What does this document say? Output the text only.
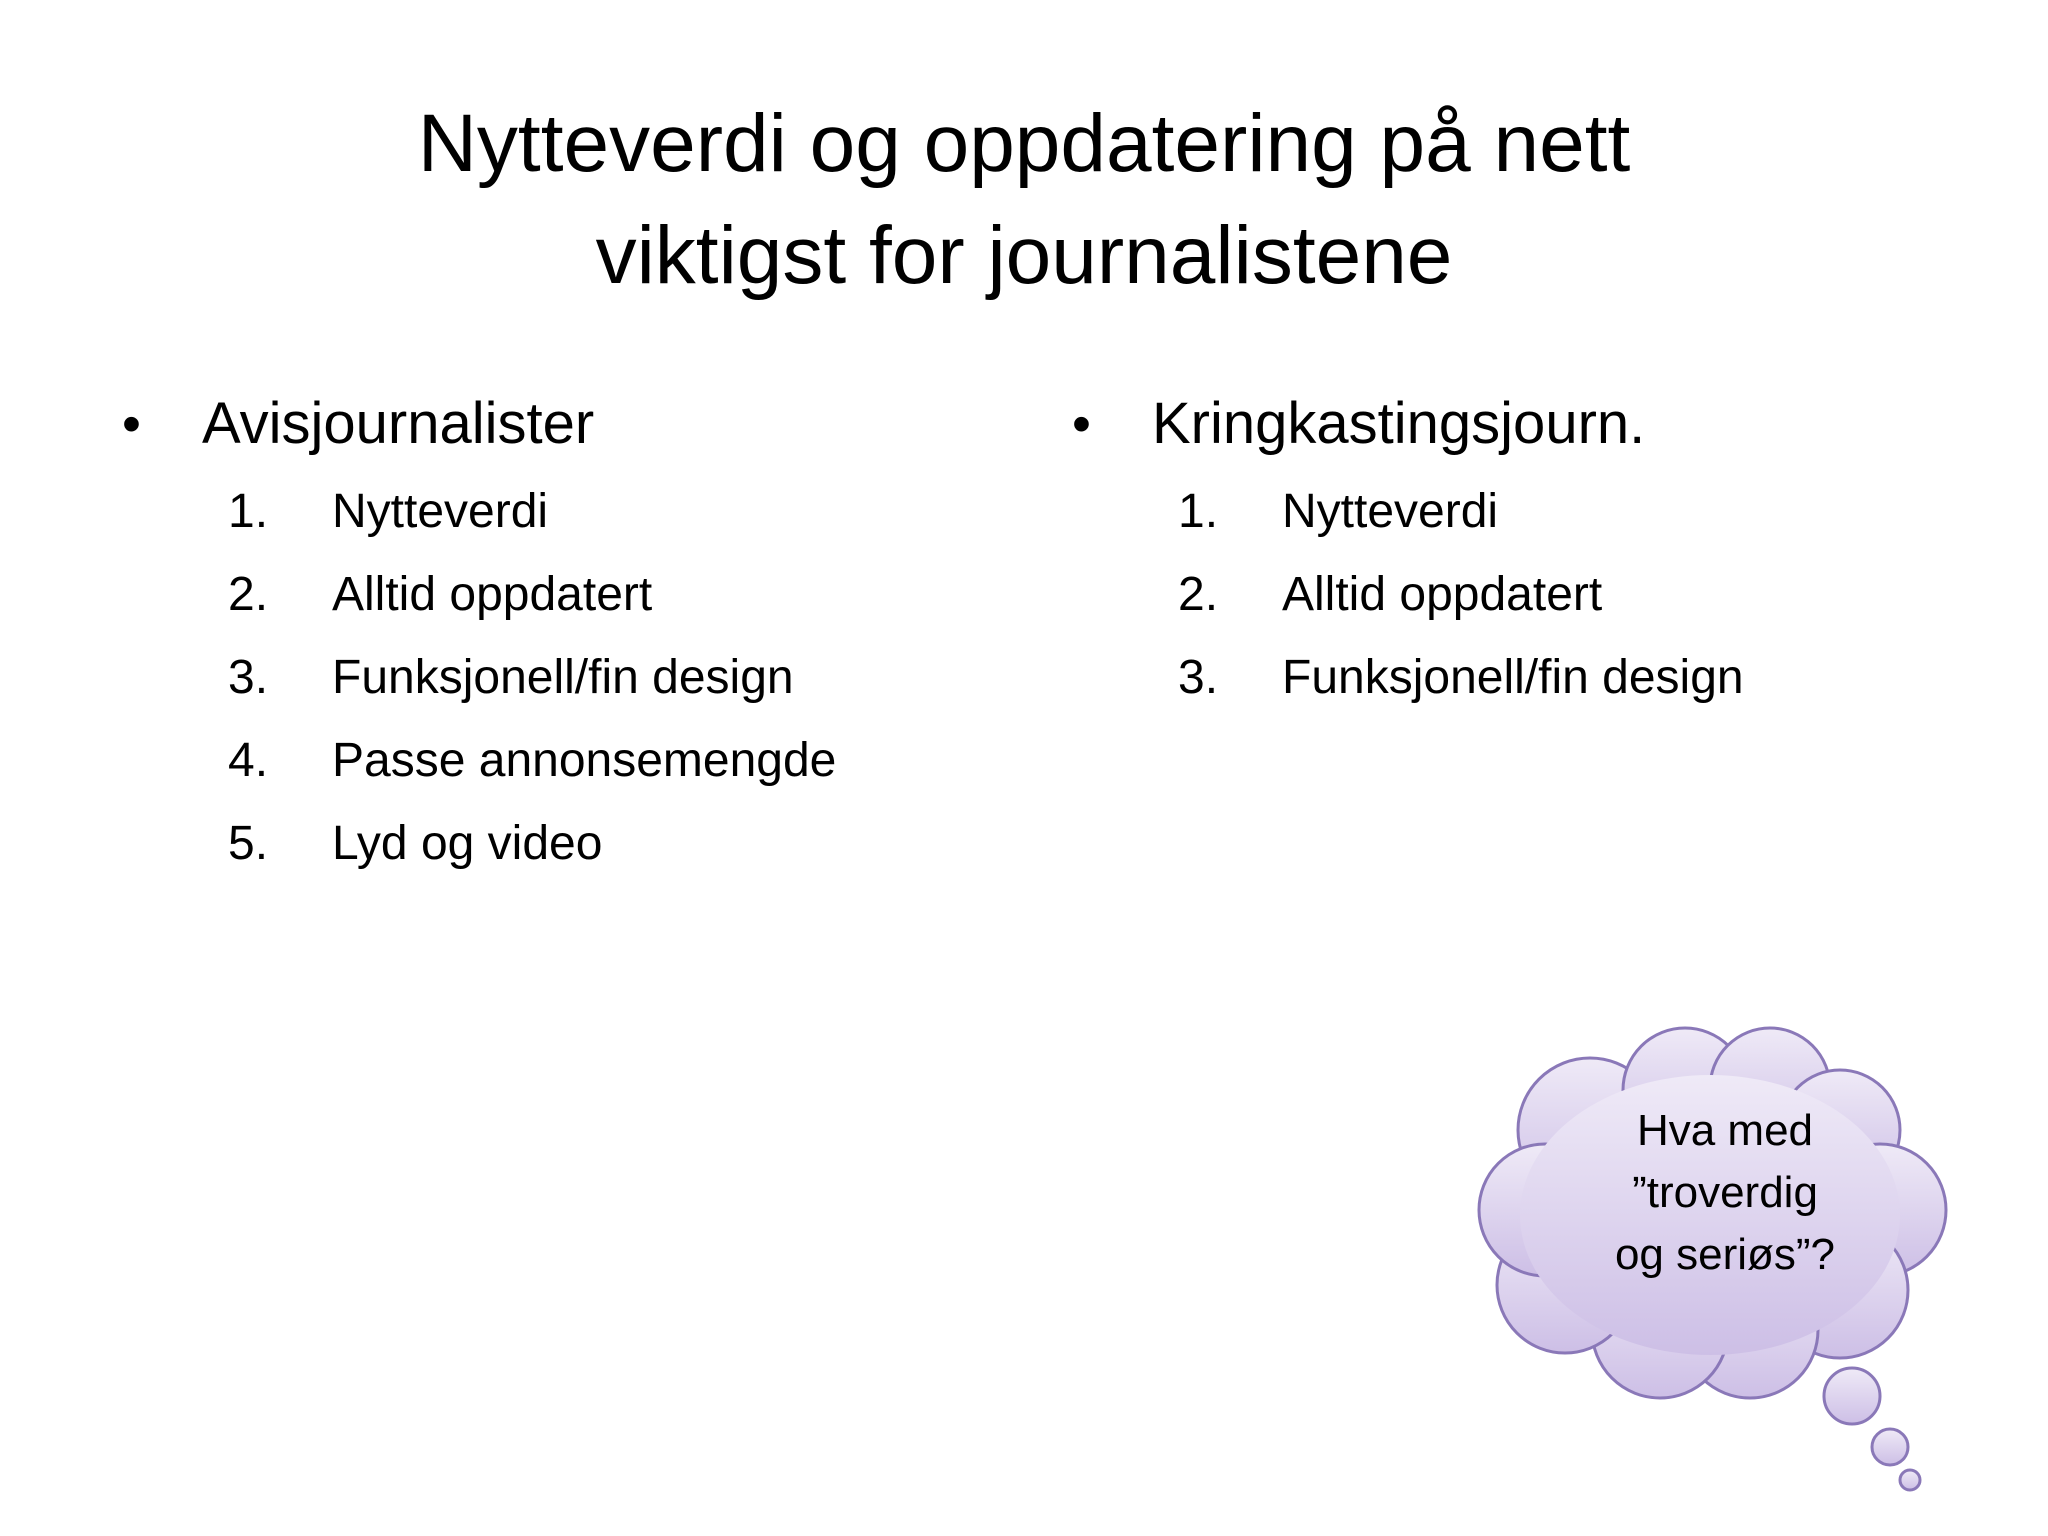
Nytteverdi og oppdatering på nett
viktigst for journalistene
• Avisjournalister
1. Nytteverdi
2. Alltid oppdatert
3. Funksjonell/fin design
4. Passe annonsemengde
5. Lyd og video
• Kringkastingsjourn.
1. Nytteverdi
2. Alltid oppdatert
3. Funksjonell/fin design
Hva med
”troverdig
og seriøs”?
